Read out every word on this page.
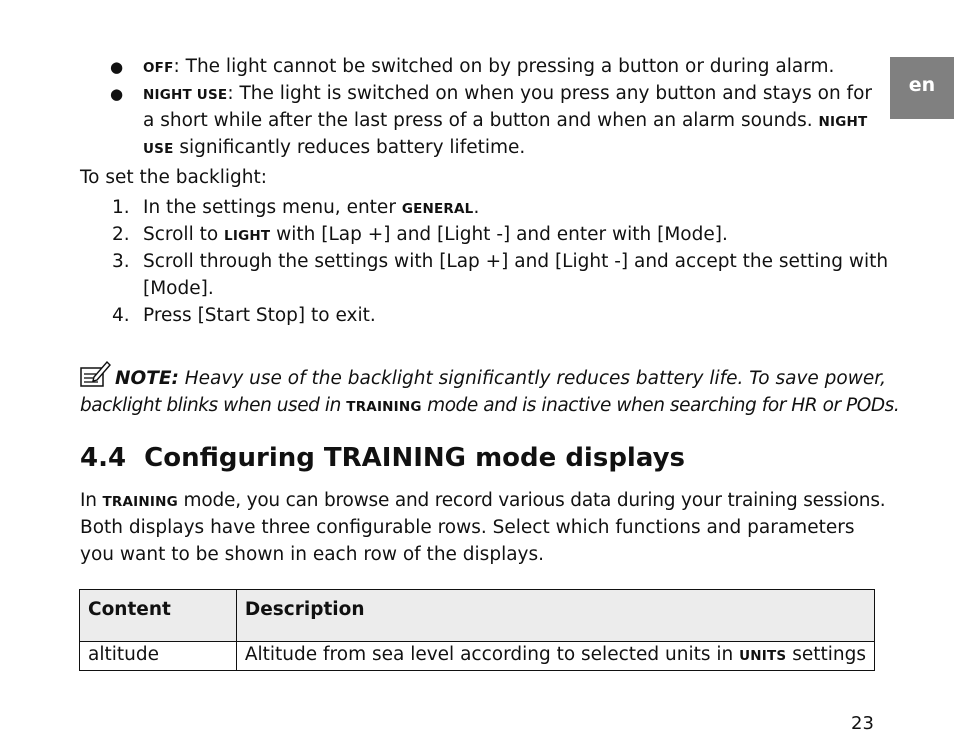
en
● OFF: The light cannot be switched on by pressing a button or during alarm.
● NIGHT USE: The light is switched on when you press any button and stays on for
a short while after the last press of a button and when an alarm sounds. NIGHT
USE significantly reduces battery lifetime.
To set the backlight:
1. In the settings menu, enter GENERAL.
2. Scroll to LIGHT with [Lap +] and [Light -] and enter with [Mode].
3. Scroll through the settings with [Lap +] and [Light -] and accept the setting with
[Mode].
4. Press [Start Stop] to exit.
NOTE: Heavy use of the backlight significantly reduces battery life. To save power,
backlight blinks when used in TRAINING mode and is inactive when searching for HR or PODs.
4.4 Configuring TRAINING mode displays
In TRAINING mode, you can browse and record various data during your training sessions.
Both displays have three configurable rows. Select which functions and parameters
you want to be shown in each row of the displays.
Content	Description
altitude	Altitude from sea level according to selected units in UNITS settings
23
